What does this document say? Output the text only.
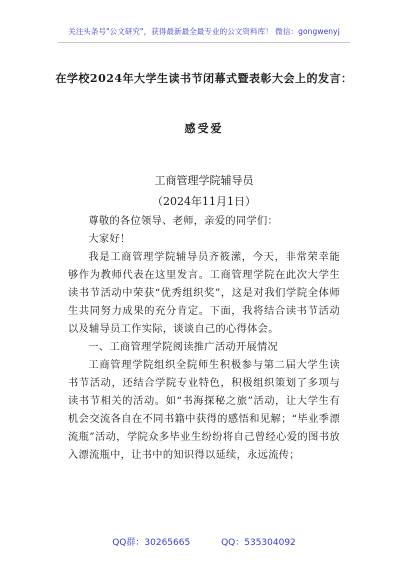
关注头条号"公文研究"，获得最新最全最专业的公文资料库！ 微信：gongwenyj
在学校2024年大学生读书节闭幕式暨表彰大会上的发言：
感受爱
工商管理学院辅导员
（2024年11月1日）

尊敬的各位领导、老师，亲爱的同学们：

大家好！

我是工商管理学院辅导员齐筱潆，今天，非常荣幸能够作为教师代表在这里发言。工商管理学院在此次大学生读书节活动中荣获“优秀组织奖”，这是对我们学院全体师生共同努力成果的充分肯定。下面，我将结合读书节活动以及辅导员工作实际，谈谈自己的心得体会。

一、工商管理学院阅读推广活动开展情况

工商管理学院组织全院师生积极参与第二届大学生读书节活动，还结合学院专业特色，积极组织策划了多项与读书节相关的活动。如“书海探秘之旅”活动，让大学生有机会交流各自在不同书籍中获得的感悟和见解；“毕业季漂流瓶”活动，学院众多毕业生纷纷将自己曾经心爱的图书放入漂流瓶中，让书中的知识得以延续，永远流传；

QQ群：30265665	QQ：535304092
